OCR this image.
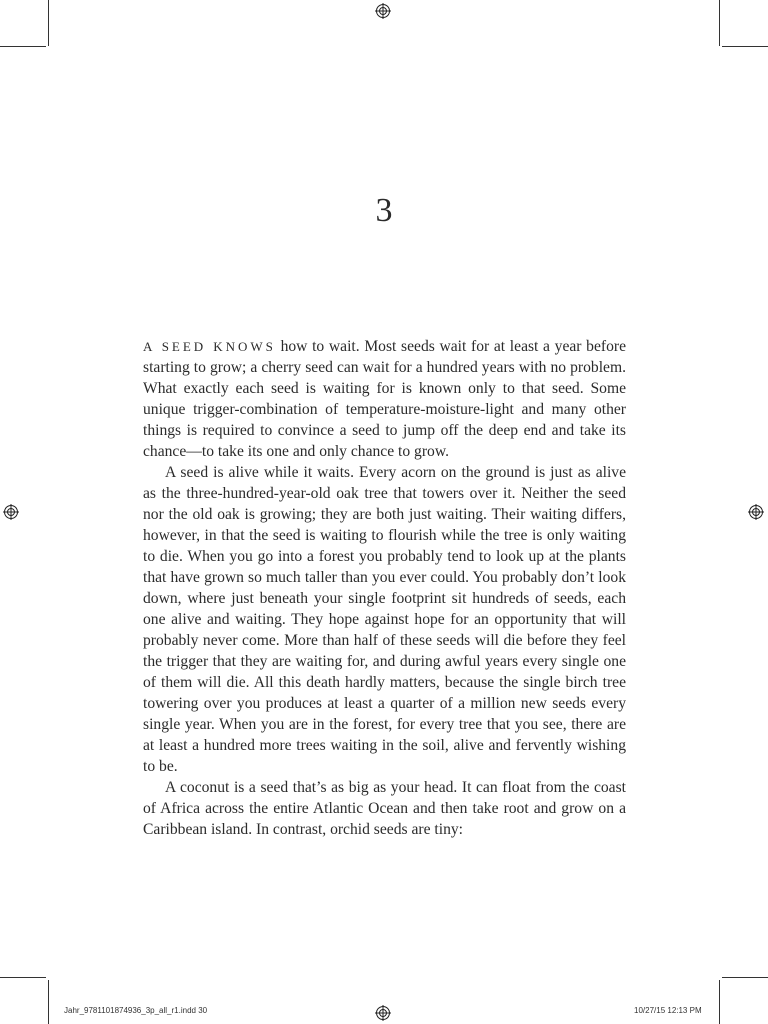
3

A SEED KNOWS how to wait. Most seeds wait for at least a year before starting to grow; a cherry seed can wait for a hundred years with no problem. What exactly each seed is waiting for is known only to that seed. Some unique trigger-combination of temperature-moisture-light and many other things is required to convince a seed to jump off the deep end and take its chance—to take its one and only chance to grow.

A seed is alive while it waits. Every acorn on the ground is just as alive as the three-hundred-year-old oak tree that towers over it. Neither the seed nor the old oak is growing; they are both just waiting. Their waiting differs, however, in that the seed is waiting to flourish while the tree is only waiting to die. When you go into a forest you probably tend to look up at the plants that have grown so much taller than you ever could. You probably don’t look down, where just beneath your single footprint sit hundreds of seeds, each one alive and waiting. They hope against hope for an opportunity that will probably never come. More than half of these seeds will die before they feel the trigger that they are waiting for, and during awful years every single one of them will die. All this death hardly matters, because the single birch tree towering over you produces at least a quarter of a million new seeds every single year. When you are in the forest, for every tree that you see, there are at least a hundred more trees waiting in the soil, alive and fervently wishing to be.

A coconut is a seed that’s as big as your head. It can float from the coast of Africa across the entire Atlantic Ocean and then take root and grow on a Caribbean island. In contrast, orchid seeds are tiny:

Jahr_9781101874936_3p_all_r1.indd 30	10/27/15 12:13 PM
